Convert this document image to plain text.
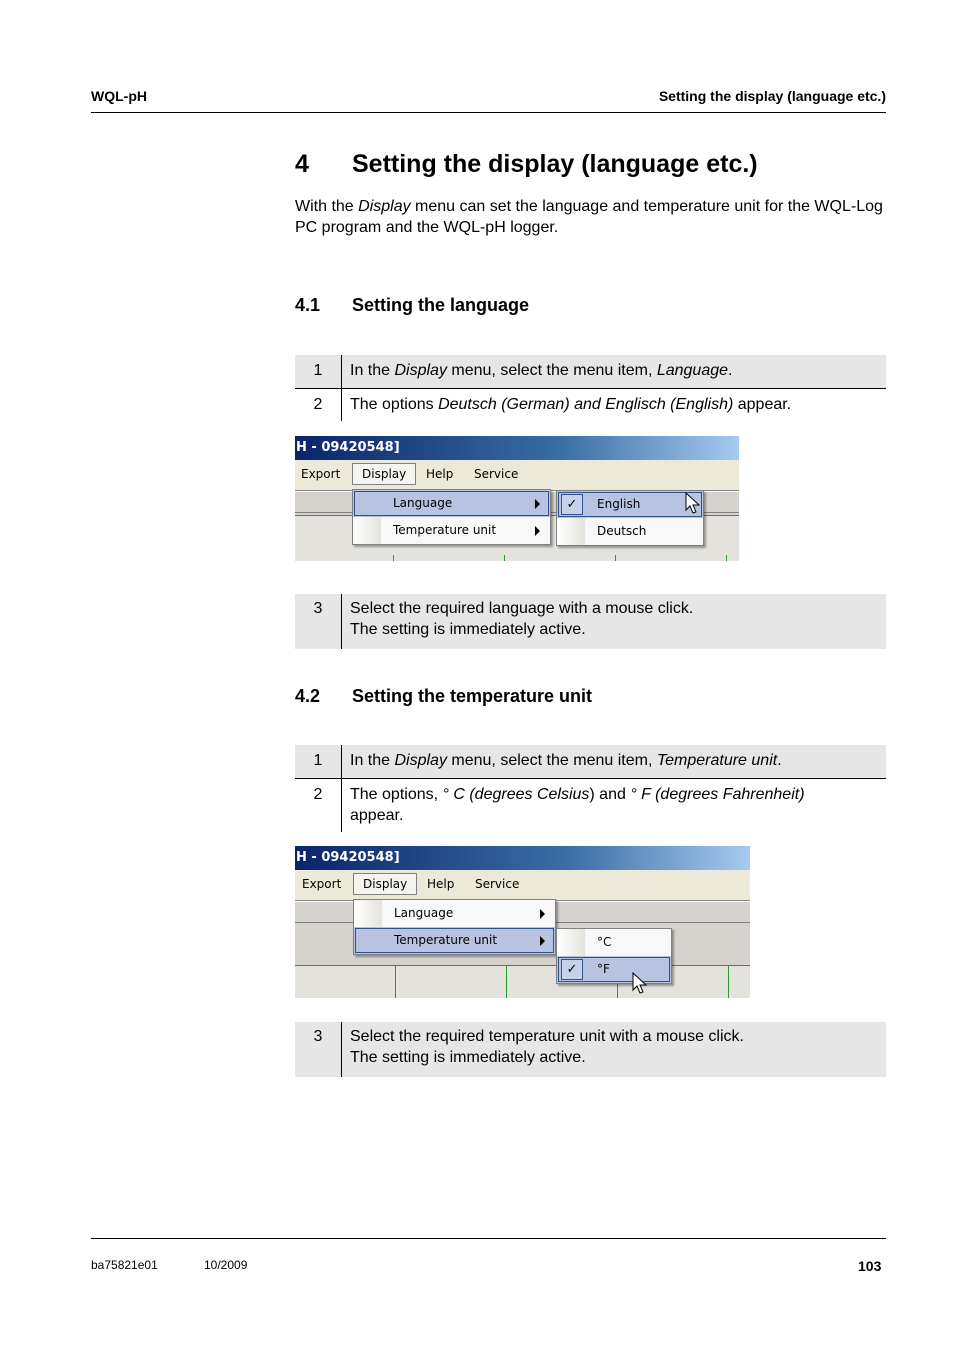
WQL-pH	Setting the display (language etc.)
4 Setting the display (language etc.)
With the Display menu can set the language and temperature unit for the WQL-Log PC program and the WQL-pH logger.
4.1 Setting the language
1	In the Display menu, select the menu item, Language.
2	The options Deutsch (German) and Englisch (English) appear.
H - 09420548]
Export	Display	Help Service
Language
Temperature unit
✓	English
Deutsch
3	Select the required language with a mouse click.
The setting is immediately active.
4.2 Setting the temperature unit
1	In the Display menu, select the menu item, Temperature unit.
2	The options, ° C (degrees Celsius) and ° F (degrees Fahrenheit)
appear.
H - 09420548]
Export	Display	Help Service
Language
Temperature unit	°C
✓	°F
3	Select the required temperature unit with a mouse click.
The setting is immediately active.
ba75821e01	10/2009	103
